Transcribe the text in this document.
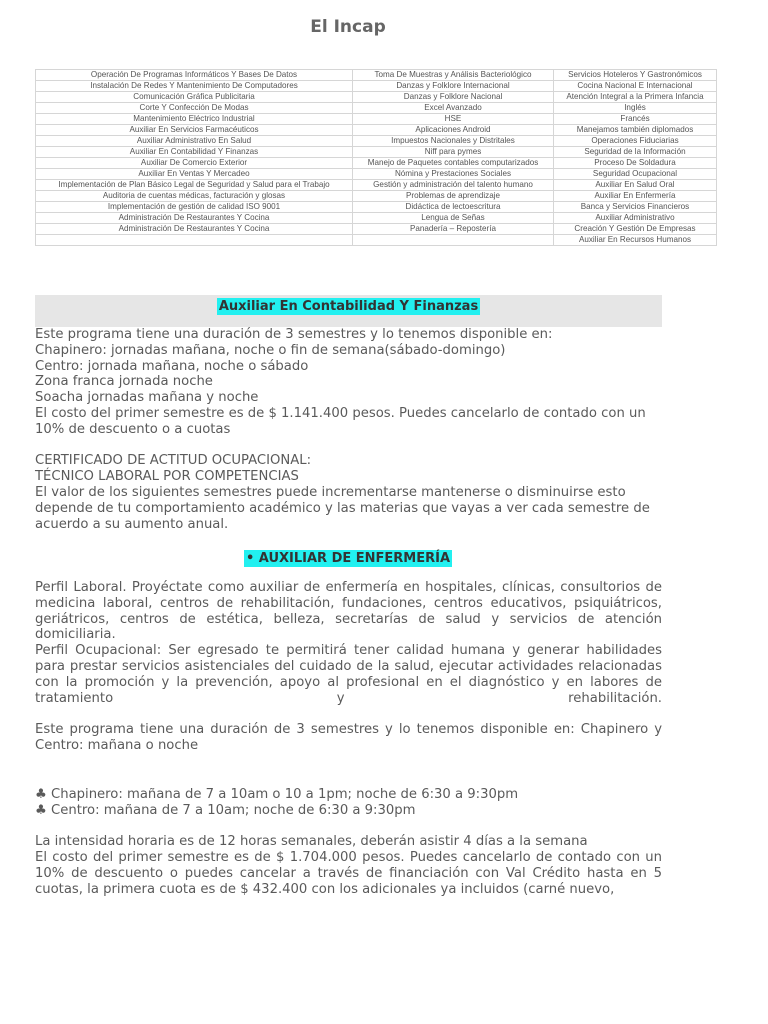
El Incap
Operación De Programas Informáticos Y Bases De Datos	Toma De Muestras y Análisis Bacteriológico	Servicios Hoteleros Y Gastronómicos
Instalación De Redes Y Mantenimiento De Computadores	Danzas y Folklore Internacional	Cocina Nacional E Internacional
Comunicación Gráfica Publicitaria	Danzas y Folklore Nacional	Atención Integral a la Primera Infancia
Corte Y Confección De Modas	Excel Avanzado	Inglés
Mantenimiento Eléctrico Industrial	HSE	Francés
Auxiliar En Servicios Farmacéuticos	Aplicaciones Android	Manejamos también diplomados
Auxiliar Administrativo En Salud	Impuestos Nacionales y Distritales	Operaciones Fiduciarias
Auxiliar En Contabilidad Y Finanzas	Niff para pymes	Seguridad de la Información
Auxiliar De Comercio Exterior	Manejo de Paquetes contables computarizados	Proceso De Soldadura
Auxiliar En Ventas Y Mercadeo	Nómina y Prestaciones Sociales	Seguridad Ocupacional
Implementación de Plan Básico Legal de Seguridad y Salud para el Trabajo	Gestión y administración del talento humano	Auxiliar En Salud Oral
Auditoria de cuentas médicas, facturación y glosas	Problemas de aprendizaje	Auxiliar En Enfermería
Implementación de gestión de calidad ISO 9001	Didáctica de lectoescritura	Banca y Servicios Financieros
Administración De Restaurantes Y Cocina	Lengua de Señas	Auxiliar Administrativo
Administración De Restaurantes Y Cocina	Panadería – Repostería	Creación Y Gestión De Empresas
		Auxiliar En Recursos Humanos
Auxiliar En Contabilidad Y Finanzas

Este programa tiene una duración de 3 semestres y lo tenemos disponible en:

Chapinero: jornadas mañana, noche o fin de semana(sábado-domingo)

Centro: jornada mañana, noche o sábado

Zona franca jornada noche

Soacha jornadas mañana y noche

El costo del primer semestre es de $ 1.141.400 pesos. Puedes cancelarlo de contado con un 10% de descuento o a cuotas

CERTIFICADO DE ACTITUD OCUPACIONAL:

TÉCNICO LABORAL POR COMPETENCIAS

El valor de los siguientes semestres puede incrementarse mantenerse o disminuirse esto depende de tu comportamiento académico y las materias que vayas a ver cada semestre de acuerdo a su aumento anual.

• AUXILIAR DE ENFERMERÍA

Perfil Laboral. Proyéctate como auxiliar de enfermería en hospitales, clínicas, consultorios de medicina laboral, centros de rehabilitación, fundaciones, centros educativos, psiquiátricos, geriátricos, centros de estética, belleza, secretarías de salud y servicios de atención domiciliaria.

Perfil Ocupacional: Ser egresado te permitirá tener calidad humana y generar habilidades para prestar servicios asistenciales del cuidado de la salud, ejecutar actividades relacionadas con la promoción y la prevención, apoyo al profesional en el diagnóstico y en labores de tratamiento y rehabilitación.

Este programa tiene una duración de 3 semestres y lo tenemos disponible en: Chapinero y Centro: mañana o noche

♣ Chapinero: mañana de 7 a 10am o 10 a 1pm; noche de 6:30 a 9:30pm

♣ Centro: mañana de 7 a 10am; noche de 6:30 a 9:30pm

La intensidad horaria es de 12 horas semanales, deberán asistir 4 días a la semana

El costo del primer semestre es de $ 1.704.000 pesos. Puedes cancelarlo de contado con un 10% de descuento o puedes cancelar a través de financiación con Val Crédito hasta en 5 cuotas, la primera cuota es de $ 432.400 con los adicionales ya incluidos (carné nuevo,
